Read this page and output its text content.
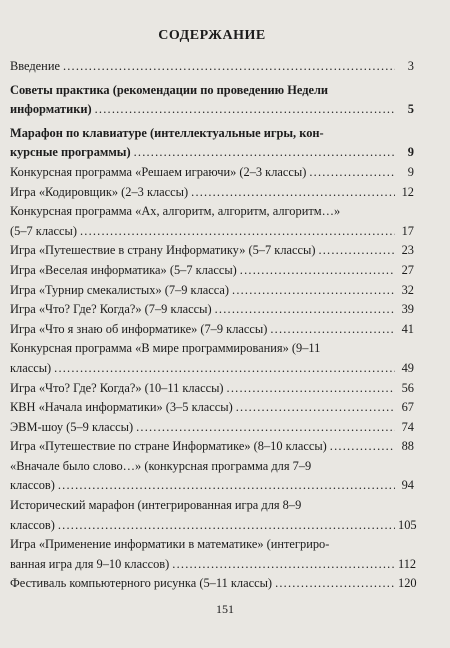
СОДЕРЖАНИЕ
Введение .....	3
Советы практика (рекомендации по проведению Недели
информатики) .....	5
Марафон по клавиатуре (интеллектуальные игры, кон-
курсные программы) .....	9
Конкурсная программа «Решаем играючи» (2–3 классы) .....	9
Игра «Кодировщик» (2–3 классы) .....	12
Конкурсная программа «Ах, алгоритм, алгоритм, алгоритм…»
(5–7 классы) .....	17
Игра «Путешествие в страну Информатику» (5–7 классы) .....	23
Игра «Веселая информатика» (5–7 классы) .....	27
Игра «Турнир смекалистых» (7–9 класса) .....	32
Игра «Что? Где? Когда?» (7–9 классы) .....	39
Игра «Что я знаю об информатике» (7–9 классы) .....	41
Конкурсная программа «В мире программирования» (9–11
классы) .....	49
Игра «Что? Где? Когда?» (10–11 классы) .....	56
КВН «Начала информатики» (3–5 классы) .....	67
ЭВМ-шоу (5–9 классы) .....	74
Игра «Путешествие по стране Информатике» (8–10 классы) .....	88
«Вначале было слово…» (конкурсная программа для 7–9
классов) .....	94
Исторический марафон (интегрированная игра для 8–9
классов) .....	105
Игра «Применение информатики в математике» (интегриро-
ванная игра для 9–10 классов) .....	112
Фестиваль компьютерного рисунка (5–11 классы) .....	120
151
